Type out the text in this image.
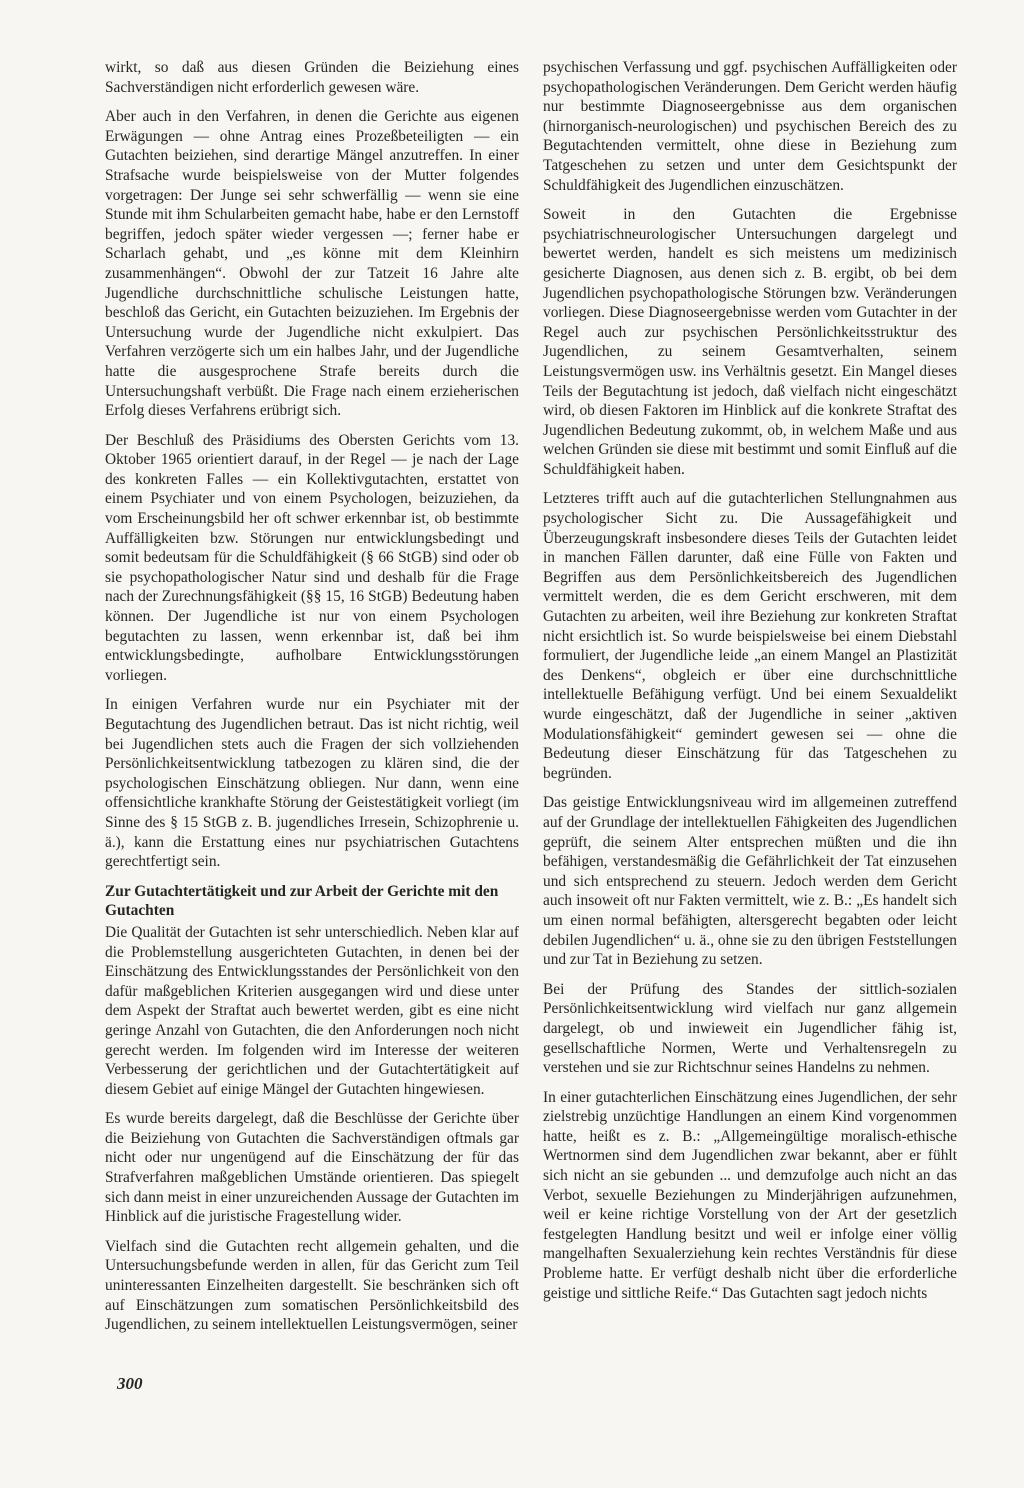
wirkt, so daß aus diesen Gründen die Beiziehung eines Sachverständigen nicht erforderlich gewesen wäre.

Aber auch in den Verfahren, in denen die Gerichte aus eigenen Erwägungen — ohne Antrag eines Prozeßbeteiligten — ein Gutachten beiziehen, sind derartige Mängel anzutreffen. In einer Strafsache wurde beispielsweise von der Mutter folgendes vorgetragen: Der Junge sei sehr schwerfällig — wenn sie eine Stunde mit ihm Schularbeiten gemacht habe, habe er den Lernstoff begriffen, jedoch später wieder vergessen —; ferner habe er Scharlach gehabt, und „es könne mit dem Kleinhirn zusammenhängen“. Obwohl der zur Tatzeit 16 Jahre alte Jugendliche durchschnittliche schulische Leistungen hatte, beschloß das Gericht, ein Gutachten beizuziehen. Im Ergebnis der Untersuchung wurde der Jugendliche nicht exkulpiert. Das Verfahren verzögerte sich um ein halbes Jahr, und der Jugendliche hatte die ausgesprochene Strafe bereits durch die Untersuchungshaft verbüßt. Die Frage nach einem erzieherischen Erfolg dieses Verfahrens erübrigt sich.

Der Beschluß des Präsidiums des Obersten Gerichts vom 13. Oktober 1965 orientiert darauf, in der Regel — je nach der Lage des konkreten Falles — ein Kollektivgutachten, erstattet von einem Psychiater und von einem Psychologen, beizuziehen, da vom Erscheinungsbild her oft schwer erkennbar ist, ob bestimmte Auffälligkeiten bzw. Störungen nur entwicklungsbedingt und somit bedeutsam für die Schuldfähigkeit (§ 66 StGB) sind oder ob sie psychopathologischer Natur sind und deshalb für die Frage nach der Zurechnungsfähigkeit (§§ 15, 16 StGB) Bedeutung haben können. Der Jugendliche ist nur von einem Psychologen begutachten zu lassen, wenn erkennbar ist, daß bei ihm entwicklungsbedingte, aufholbare Entwicklungsstörungen vorliegen.

In einigen Verfahren wurde nur ein Psychiater mit der Begutachtung des Jugendlichen betraut. Das ist nicht richtig, weil bei Jugendlichen stets auch die Fragen der sich vollziehenden Persönlichkeitsentwicklung tatbezogen zu klären sind, die der psychologischen Einschätzung obliegen. Nur dann, wenn eine offensichtliche krankhafte Störung der Geistestätigkeit vorliegt (im Sinne des § 15 StGB z. B. jugendliches Irresein, Schizophrenie u. ä.), kann die Erstattung eines nur psychiatrischen Gutachtens gerechtfertigt sein.

Zur Gutachtertätigkeit und zur Arbeit der Gerichte mit den Gutachten

Die Qualität der Gutachten ist sehr unterschiedlich. Neben klar auf die Problemstellung ausgerichteten Gutachten, in denen bei der Einschätzung des Entwicklungsstandes der Persönlichkeit von den dafür maßgeblichen Kriterien ausgegangen wird und diese unter dem Aspekt der Straftat auch bewertet werden, gibt es eine nicht geringe Anzahl von Gutachten, die den Anforderungen noch nicht gerecht werden. Im folgenden wird im Interesse der weiteren Verbesserung der gerichtlichen und der Gutachtertätigkeit auf diesem Gebiet auf einige Mängel der Gutachten hingewiesen.

Es wurde bereits dargelegt, daß die Beschlüsse der Gerichte über die Beiziehung von Gutachten die Sachverständigen oftmals gar nicht oder nur ungenügend auf die Einschätzung der für das Strafverfahren maßgeblichen Umstände orientieren. Das spiegelt sich dann meist in einer unzureichenden Aussage der Gutachten im Hinblick auf die juristische Fragestellung wider.

Vielfach sind die Gutachten recht allgemein gehalten, und die Untersuchungsbefunde werden in allen, für das Gericht zum Teil uninteressanten Einzelheiten dargestellt. Sie beschränken sich oft auf Einschätzungen zum somatischen Persönlichkeitsbild des Jugendlichen, zu seinem intellektuellen Leistungsvermögen, seiner

psychischen Verfassung und ggf. psychischen Auffälligkeiten oder psychopathologischen Veränderungen. Dem Gericht werden häufig nur bestimmte Diagnoseergebnisse aus dem organischen (hirnorganisch-neurologischen) und psychischen Bereich des zu Begutachtenden vermittelt, ohne diese in Beziehung zum Tatgeschehen zu setzen und unter dem Gesichtspunkt der Schuldfähigkeit des Jugendlichen einzuschätzen.

Soweit in den Gutachten die Ergebnisse psychiatrischneurologischer Untersuchungen dargelegt und bewertet werden, handelt es sich meistens um medizinisch gesicherte Diagnosen, aus denen sich z. B. ergibt, ob bei dem Jugendlichen psychopathologische Störungen bzw. Veränderungen vorliegen. Diese Diagnoseergebnisse werden vom Gutachter in der Regel auch zur psychischen Persönlichkeitsstruktur des Jugendlichen, zu seinem Gesamtverhalten, seinem Leistungsvermögen usw. ins Verhältnis gesetzt. Ein Mangel dieses Teils der Begutachtung ist jedoch, daß vielfach nicht eingeschätzt wird, ob diesen Faktoren im Hinblick auf die konkrete Straftat des Jugendlichen Bedeutung zukommt, ob, in welchem Maße und aus welchen Gründen sie diese mit bestimmt und somit Einfluß auf die Schuldfähigkeit haben.

Letzteres trifft auch auf die gutachterlichen Stellungnahmen aus psychologischer Sicht zu. Die Aussagefähigkeit und Überzeugungskraft insbesondere dieses Teils der Gutachten leidet in manchen Fällen darunter, daß eine Fülle von Fakten und Begriffen aus dem Persönlichkeitsbereich des Jugendlichen vermittelt werden, die es dem Gericht erschweren, mit dem Gutachten zu arbeiten, weil ihre Beziehung zur konkreten Straftat nicht ersichtlich ist. So wurde beispielsweise bei einem Diebstahl formuliert, der Jugendliche leide „an einem Mangel an Plastizität des Denkens“, obgleich er über eine durchschnittliche intellektuelle Befähigung verfügt. Und bei einem Sexualdelikt wurde eingeschätzt, daß der Jugendliche in seiner „aktiven Modulationsfähigkeit“ gemindert gewesen sei — ohne die Bedeutung dieser Einschätzung für das Tatgeschehen zu begründen.

Das geistige Entwicklungsniveau wird im allgemeinen zutreffend auf der Grundlage der intellektuellen Fähigkeiten des Jugendlichen geprüft, die seinem Alter entsprechen müßten und die ihn befähigen, verstandesmäßig die Gefährlichkeit der Tat einzusehen und sich entsprechend zu steuern. Jedoch werden dem Gericht auch insoweit oft nur Fakten vermittelt, wie z. B.: „Es handelt sich um einen normal befähigten, altersgerecht begabten oder leicht debilen Jugendlichen“ u. ä., ohne sie zu den übrigen Feststellungen und zur Tat in Beziehung zu setzen.

Bei der Prüfung des Standes der sittlich-sozialen Persönlichkeitsentwicklung wird vielfach nur ganz allgemein dargelegt, ob und inwieweit ein Jugendlicher fähig ist, gesellschaftliche Normen, Werte und Verhaltensregeln zu verstehen und sie zur Richtschnur seines Handelns zu nehmen.

In einer gutachterlichen Einschätzung eines Jugendlichen, der sehr zielstrebig unzüchtige Handlungen an einem Kind vorgenommen hatte, heißt es z. B.: „Allgemeingültige moralisch-ethische Wertnormen sind dem Jugendlichen zwar bekannt, aber er fühlt sich nicht an sie gebunden ... und demzufolge auch nicht an das Verbot, sexuelle Beziehungen zu Minderjährigen aufzunehmen, weil er keine richtige Vorstellung von der Art der gesetzlich festgelegten Handlung besitzt und weil er infolge einer völlig mangelhaften Sexualerziehung kein rechtes Verständnis für diese Probleme hatte. Er verfügt deshalb nicht über die erforderliche geistige und sittliche Reife.“ Das Gutachten sagt jedoch nichts

300
